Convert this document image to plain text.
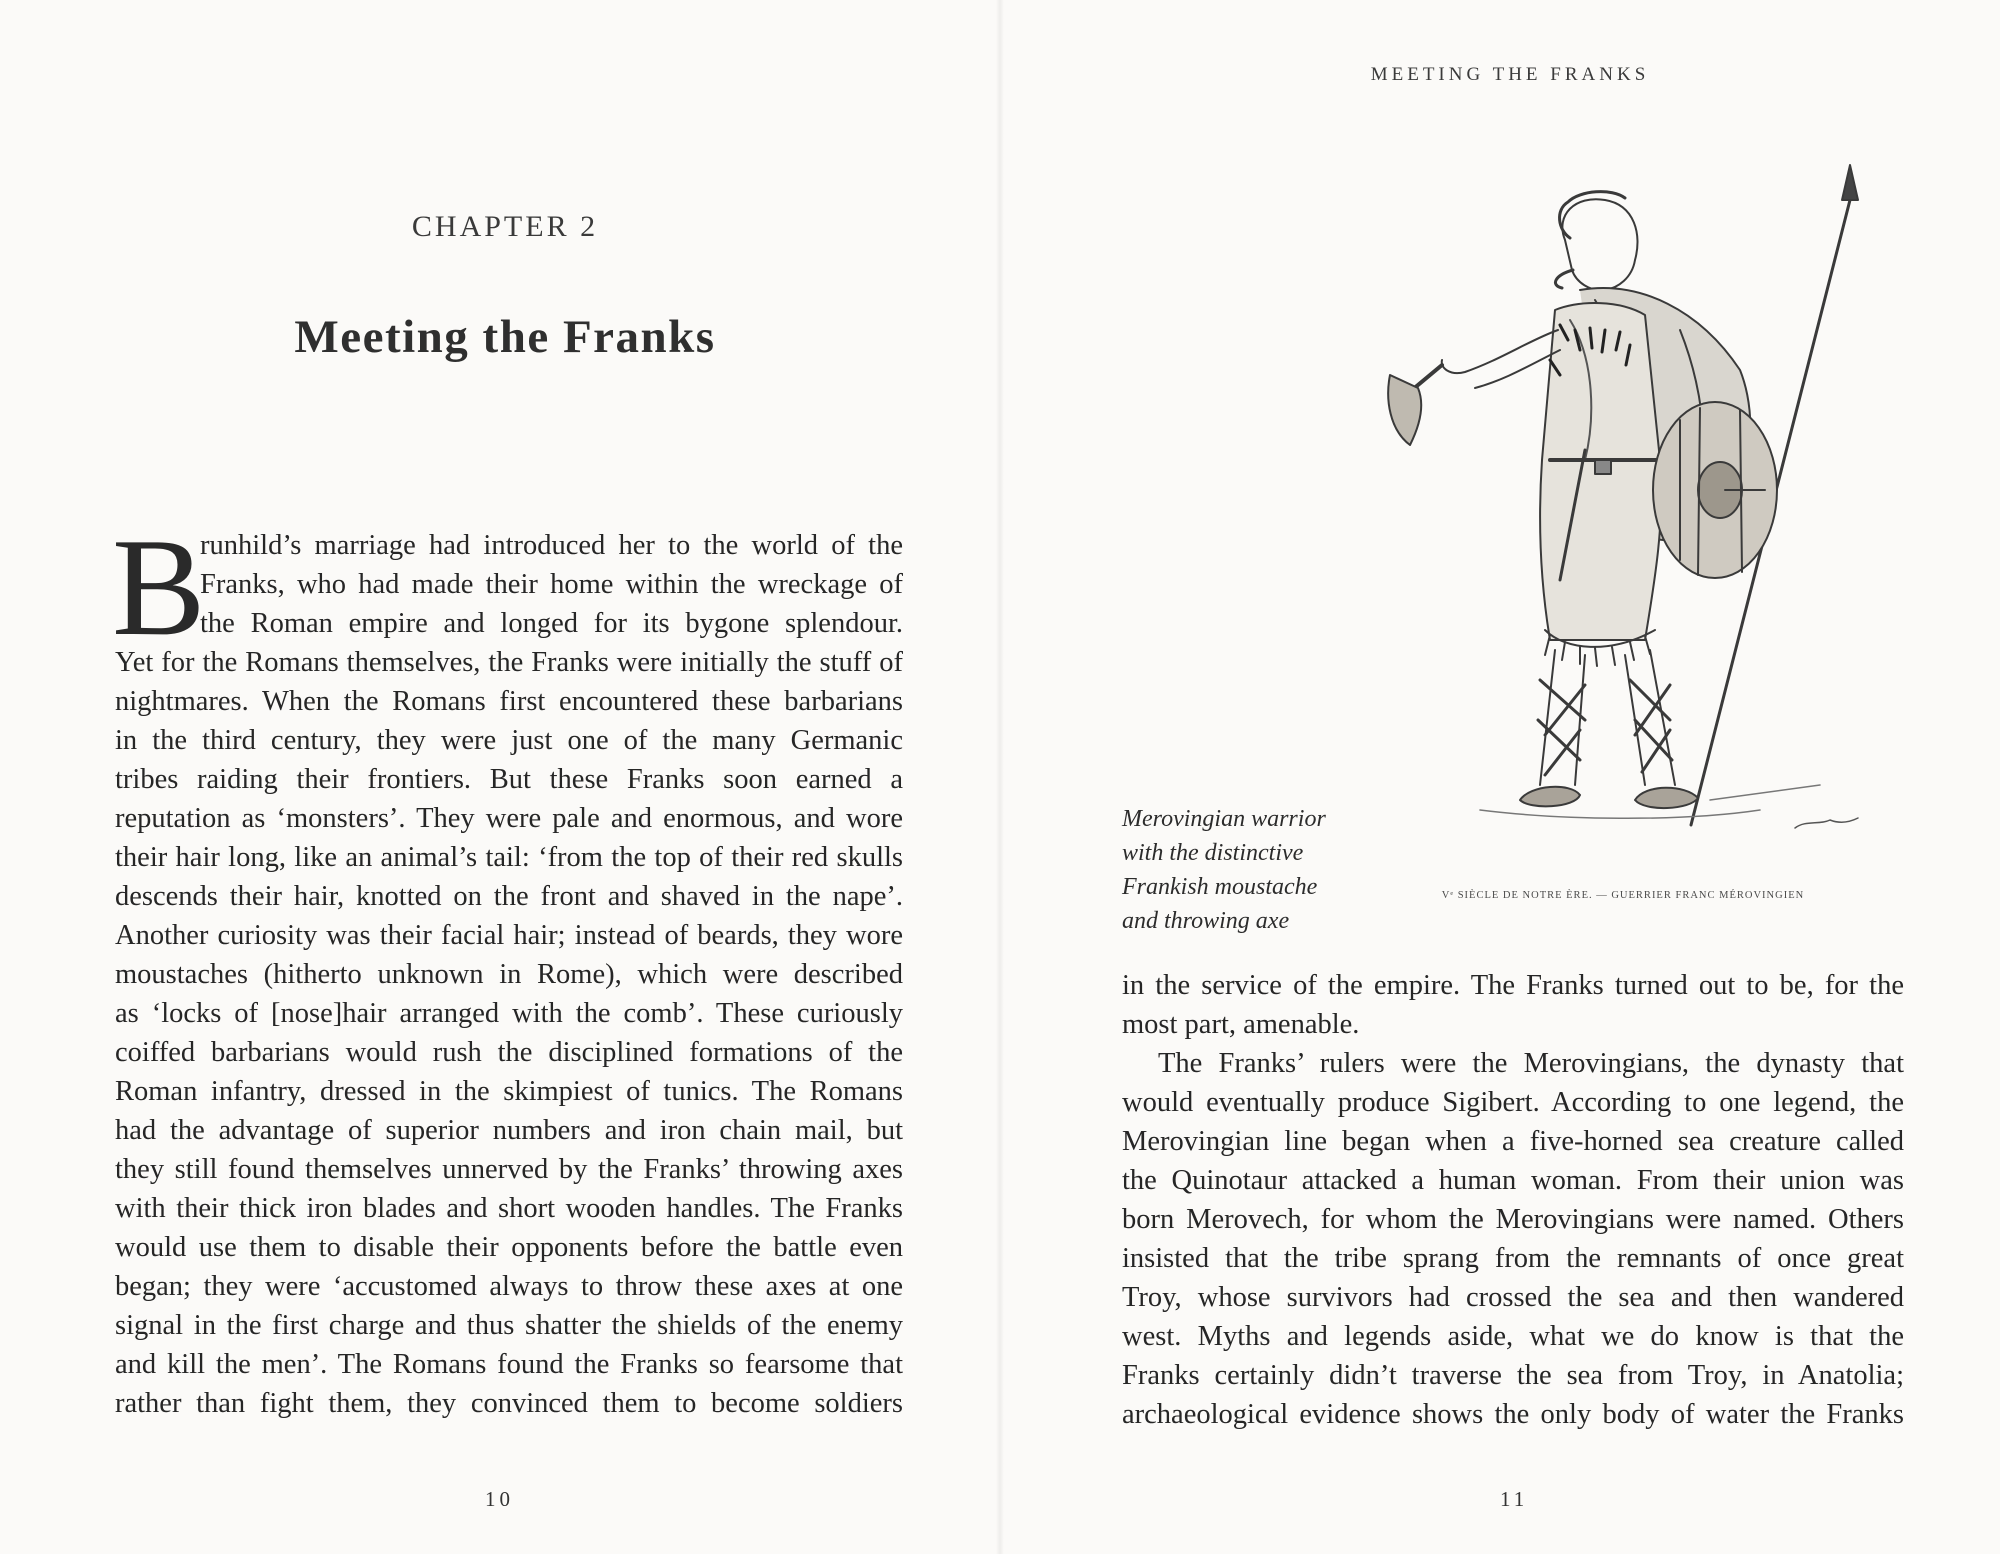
MEETING THE FRANKS
CHAPTER 2
Meeting the Franks
B
runhild’s marriage had introduced her to the world of the
Franks, who had made their home within the wreckage of
the Roman empire and longed for its bygone splendour.
Yet for the Romans themselves, the Franks were initially the stuff of
nightmares. When the Romans first encountered these barbarians
in the third century, they were just one of the many Germanic
tribes raiding their frontiers. But these Franks soon earned a
reputation as ‘monsters’. They were pale and enormous, and wore
their hair long, like an animal’s tail: ‘from the top of their red skulls
descends their hair, knotted on the front and shaved in the nape’.
Another curiosity was their facial hair; instead of beards, they wore
moustaches (hitherto unknown in Rome), which were described
as ‘locks of [nose]hair arranged with the comb’. These curiously
coiffed barbarians would rush the disciplined formations of the
Roman infantry, dressed in the skimpiest of tunics. The Romans
had the advantage of superior numbers and iron chain mail, but
they still found themselves unnerved by the Franks’ throwing axes
with their thick iron blades and short wooden handles. The Franks
would use them to disable their opponents before the battle even
began; they were ‘accustomed always to throw these axes at one
signal in the first charge and thus shatter the shields of the enemy
and kill the men’. The Romans found the Franks so fearsome that
rather than fight them, they convinced them to become soldiers
10
Vᵉ SIÈCLE DE NOTRE ÈRE. — GUERRIER FRANC MÉROVINGIEN
Merovingian warrior
with the distinctive
Frankish moustache
and throwing axe
in the service of the empire. The Franks turned out to be, for the
most part, amenable.
The Franks’ rulers were the Merovingians, the dynasty that
would eventually produce Sigibert. According to one legend, the
Merovingian line began when a five-horned sea creature called
the Quinotaur attacked a human woman. From their union was
born Merovech, for whom the Merovingians were named. Others
insisted that the tribe sprang from the remnants of once great
Troy, whose survivors had crossed the sea and then wandered
west. Myths and legends aside, what we do know is that the
Franks certainly didn’t traverse the sea from Troy, in Anatolia;
archaeological evidence shows the only body of water the Franks
11
